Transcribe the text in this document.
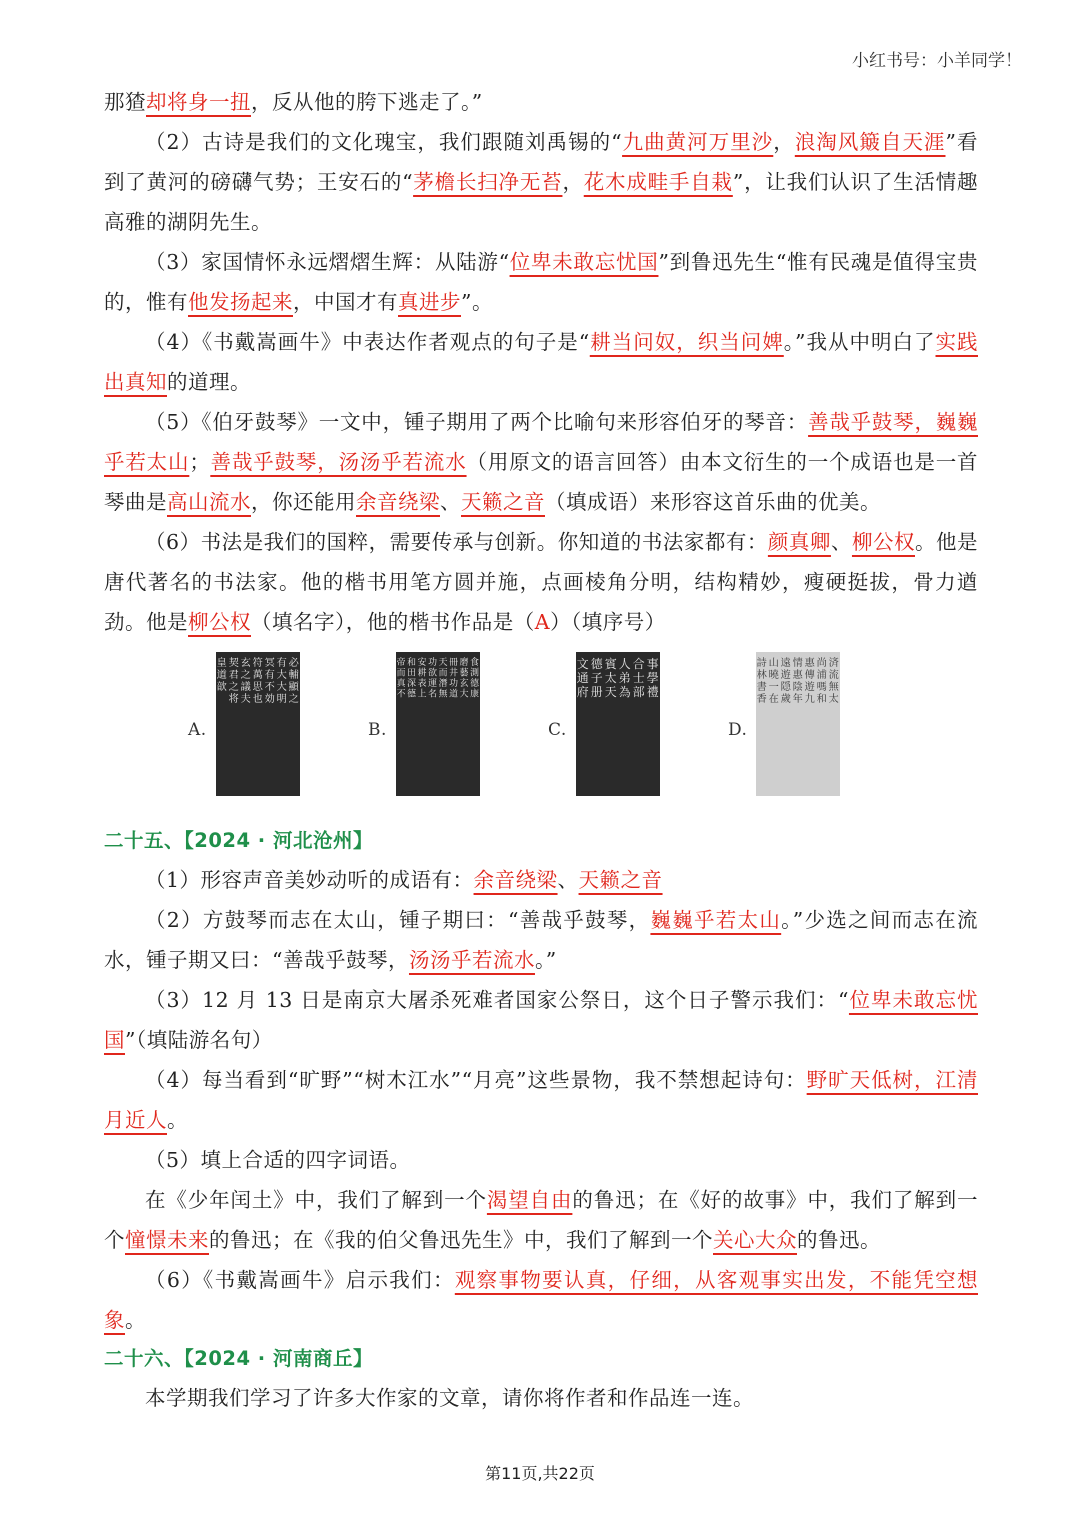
小红书号：小羊同学！

那猹却将身一扭，反从他的胯下逃走了。”

（2）古诗是我们的文化瑰宝，我们跟随刘禹锡的“九曲黄河万里沙，浪淘风簸自天涯”看到了黄河的磅礴气势；王安石的“茅檐长扫净无苔，花木成畦手自栽”，让我们认识了生活情趣高雅的湖阴先生。

（3）家国情怀永远熠熠生辉：从陆游“位卑未敢忘忧国”到鲁迅先生“惟有民魂是值得宝贵的，惟有他发扬起来，中国才有真进步”。

（4）《书戴嵩画牛》中表达作者观点的句子是“耕当问奴，织当问婢。”我从中明白了实践出真知的道理。

（5）《伯牙鼓琴》一文中，锺子期用了两个比喻句来形容伯牙的琴音：善哉乎鼓琴，巍巍乎若太山；善哉乎鼓琴，汤汤乎若流水（用原文的语言回答）由本文衍生的一个成语也是一首琴曲是高山流水，你还能用余音绕梁、天籁之音（填成语）来形容这首乐曲的优美。

（6）书法是我们的国粹，需要传承与创新。你知道的书法家都有：颜真卿、柳公权。他是唐代著名的书法家。他的楷书用笔方圆并施，点画棱角分明，结构精妙，瘦硬挺拔，骨力遒劲。他是柳公权（填名字），他的楷书作品是（A）（填序号）

A.
必輔顯之
有大大明
冥有不効
符萬思也
玄之議夫
契君之将
皇道歆
B.
食測德康
磨藝玄大
冊井功道
天而潛無
功欲運名
安耕表上
和田深德
帝而真不
C.
事學禮
合士部
人弟為
賓太天
德子册
文通府
D.
済流無太
尚浦嗎和
惠傳遊九
情惠陰年
遠遊隠歲
山曉一在
詩林書香

二十五、【2024 · 河北沧州】

（1）形容声音美妙动听的成语有：余音绕梁、天籁之音

（2）方鼓琴而志在太山，锺子期曰：“善哉乎鼓琴，巍巍乎若太山。”少选之间而志在流水，锺子期又曰：“善哉乎鼓琴，汤汤乎若流水。”

（3）12 月 13 日是南京大屠杀死难者国家公祭日，这个日子警示我们：“位卑未敢忘忧国”（填陆游名句）

（4）每当看到“旷野”“树木江水”“月亮”这些景物，我不禁想起诗句：野旷天低树，江清月近人。

（5）填上合适的四字词语。

在《少年闰土》中，我们了解到一个渴望自由的鲁迅；在《好的故事》中，我们了解到一个憧憬未来的鲁迅；在《我的伯父鲁迅先生》中，我们了解到一个关心大众的鲁迅。

（6）《书戴嵩画牛》启示我们：观察事物要认真，仔细，从客观事实出发，不能凭空想象。

二十六、【2024 · 河南商丘】

本学期我们学习了许多大作家的文章，请你将作者和作品连一连。

第11页,共22页
